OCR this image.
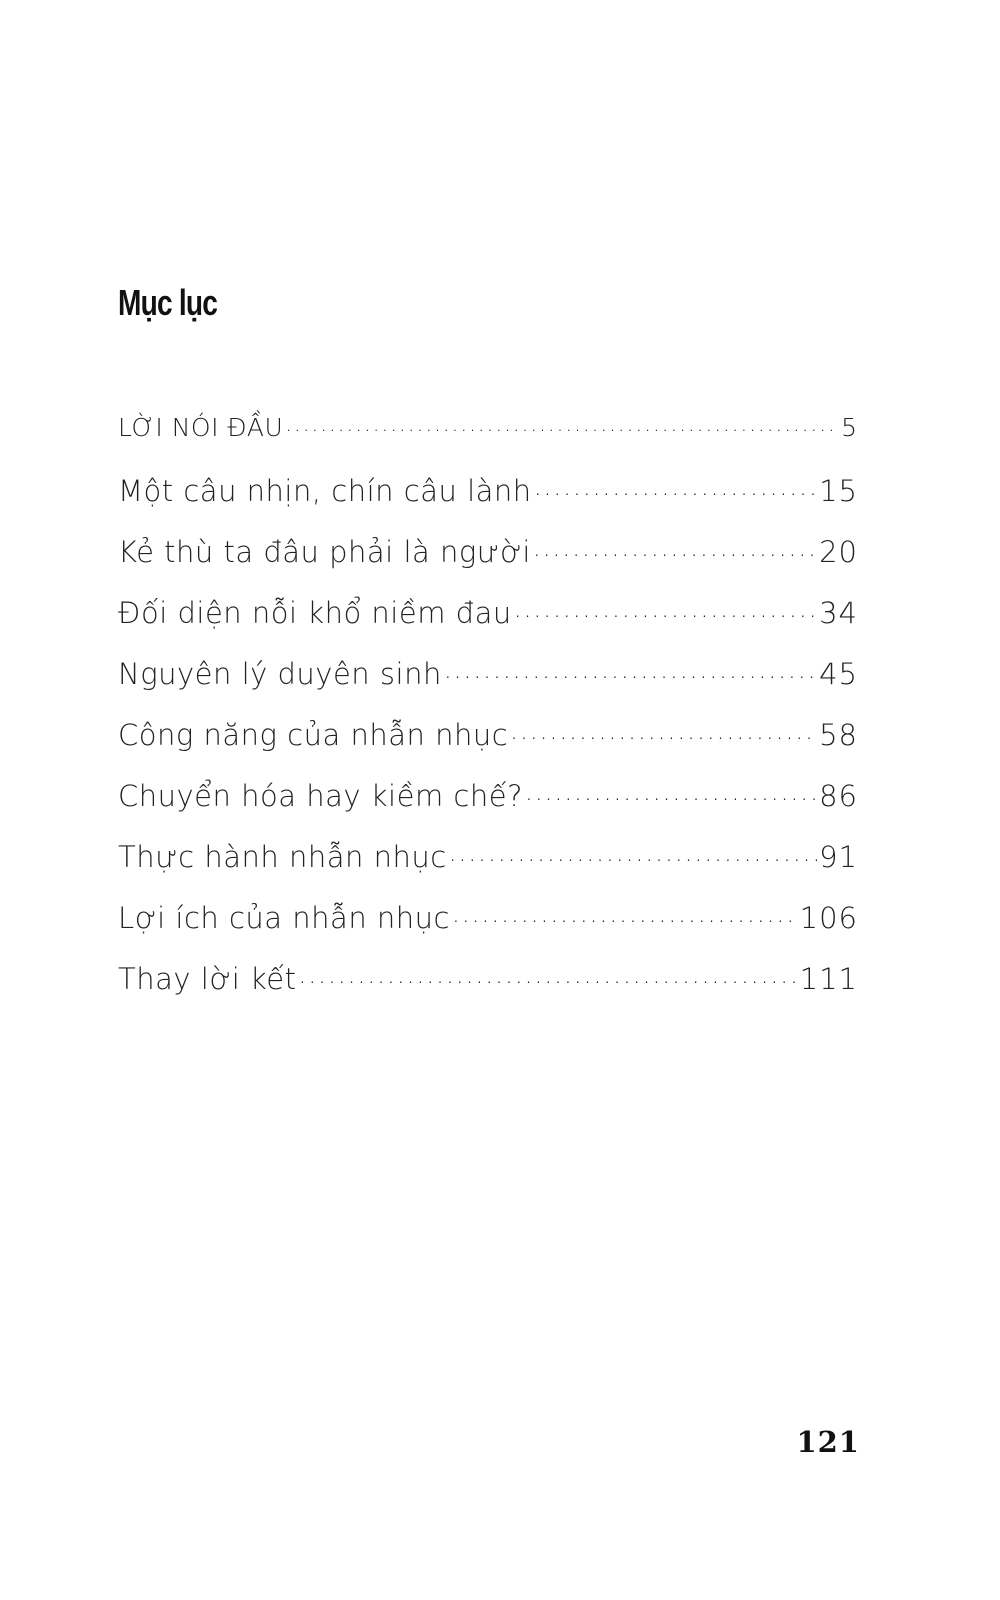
Mục lục
LỜI NÓI ĐẦU .....	5
Một câu nhịn, chín câu lành .....	15
Kẻ thù ta đâu phải là người .....	20
Đối diện nỗi khổ niềm đau .....	34
Nguyên lý duyên sinh .....	45
Công năng của nhẫn nhục .....	58
Chuyển hóa hay kiềm chế? .....	86
Thực hành nhẫn nhục .....	91
Lợi ích của nhẫn nhục .....	106
Thay lời kết .....	111
121
